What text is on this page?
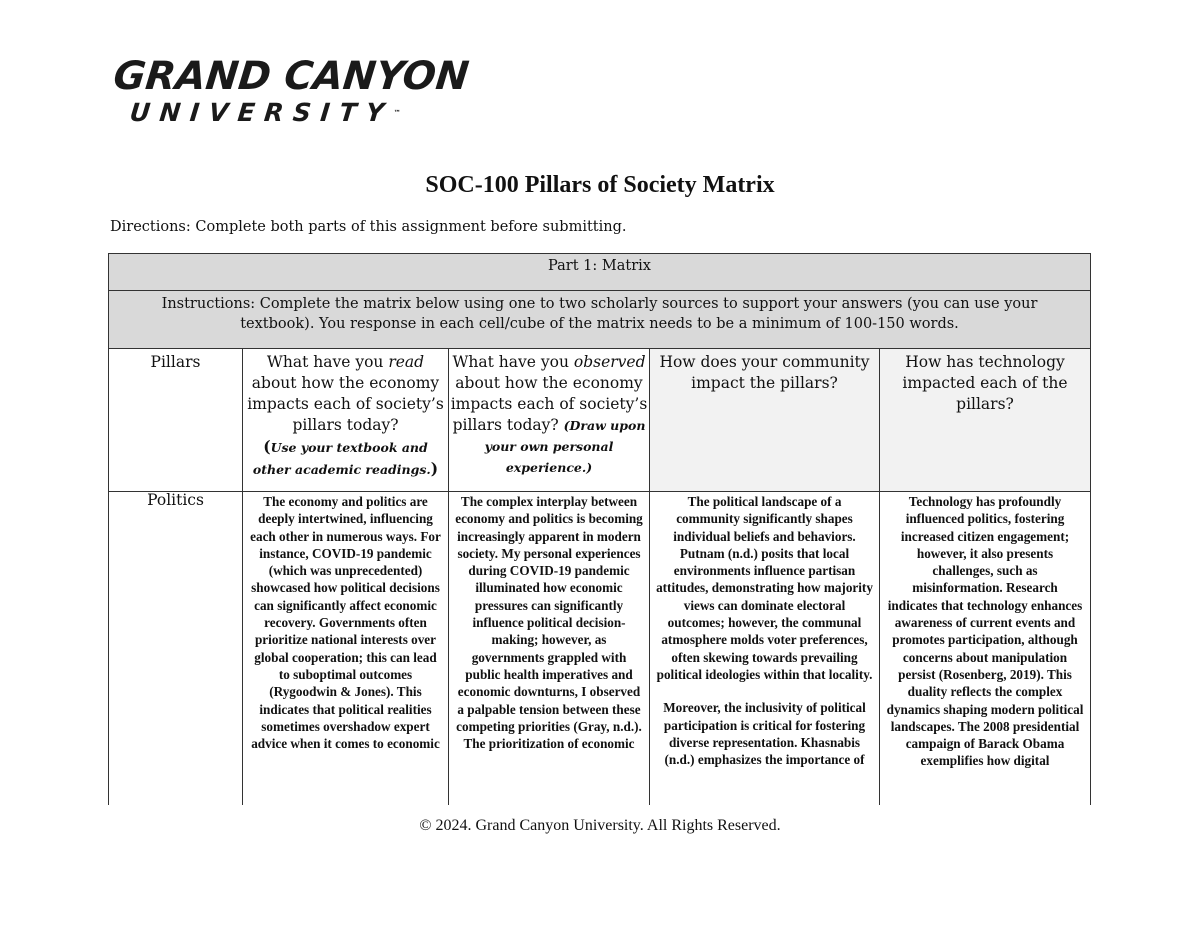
GRAND CANYON
UNIVERSITY™
SOC-100 Pillars of Society Matrix
Directions: Complete both parts of this assignment before submitting.
Part 1: Matrix
Instructions: Complete the matrix below using one to two scholarly sources to support your answers (you can use your textbook). You response in each cell/cube of the matrix needs to be a minimum of 100-150 words.
Pillars	What have you read about how the economy impacts each of society’s pillars today?
(Use your textbook and other academic readings.)
What have you observed about how the economy impacts each of society’s pillars today? (Draw upon your own personal experience.)
How does your community impact the pillars?
How has technology impacted each of the pillars?
Politics	The economy and politics are deeply intertwined, influencing each other in numerous ways. For instance, COVID-19 pandemic (which was unprecedented) showcased how political decisions can significantly affect economic recovery. Governments often prioritize national interests over global cooperation; this can lead to suboptimal outcomes (Rygoodwin & Jones). This indicates that political realities sometimes overshadow expert advice when it comes to economic

The complex interplay between economy and politics is becoming increasingly apparent in modern society. My personal experiences during COVID-19 pandemic illuminated how economic pressures can significantly influence political decision-making; however, as governments grappled with public health imperatives and economic downturns, I observed a palpable tension between these competing priorities (Gray, n.d.). The prioritization of economic

The political landscape of a community significantly shapes individual beliefs and behaviors. Putnam (n.d.) posits that local environments influence partisan attitudes, demonstrating how majority views can dominate electoral outcomes; however, the communal atmosphere molds voter preferences, often skewing towards prevailing political ideologies within that locality.

Moreover, the inclusivity of political participation is critical for fostering diverse representation. Khasnabis (n.d.) emphasizes the importance of

Technology has profoundly influenced politics, fostering increased citizen engagement; however, it also presents challenges, such as misinformation. Research indicates that technology enhances awareness of current events and promotes participation, although concerns about manipulation persist (Rosenberg, 2019). This duality reflects the complex dynamics shaping modern political landscapes. The 2008 presidential campaign of Barack Obama exemplifies how digital

© 2024. Grand Canyon University. All Rights Reserved.
